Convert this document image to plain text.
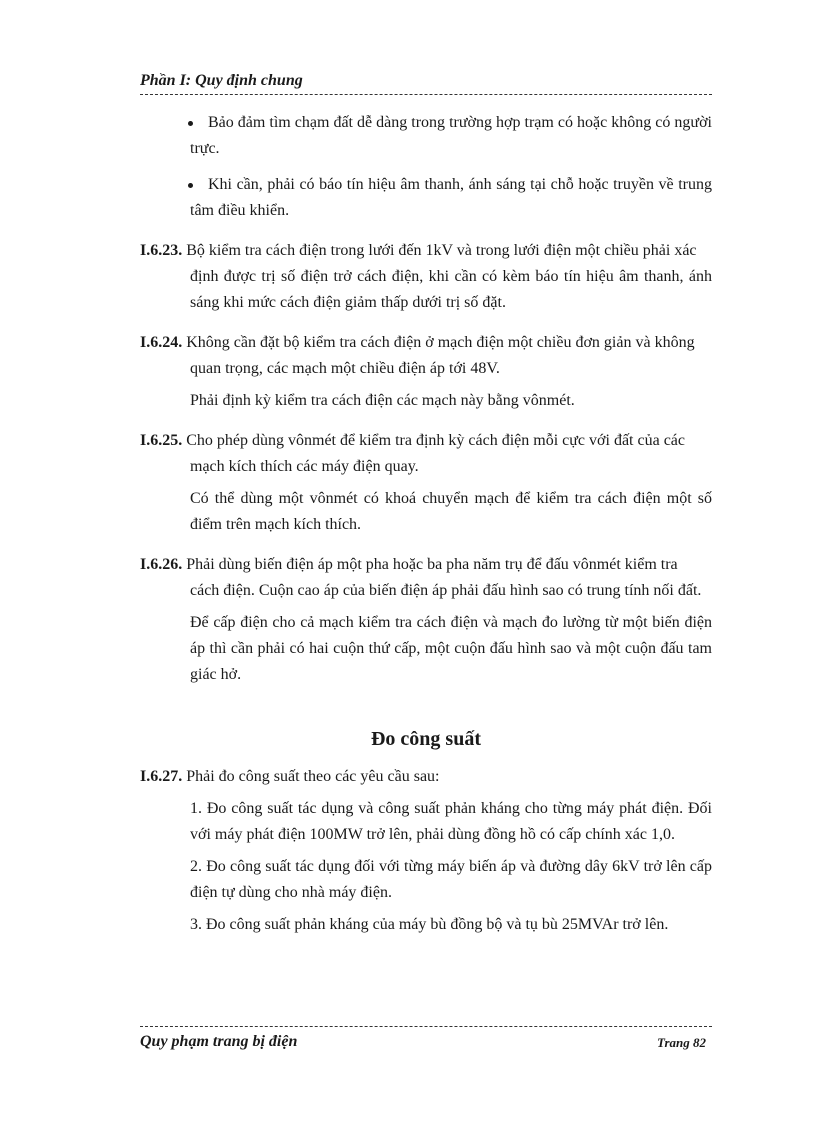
Phần I: Quy định chung
Bảo đảm tìm chạm đất dễ dàng trong trường hợp trạm có hoặc không có người trực.
Khi cần, phải có báo tín hiệu âm thanh, ánh sáng tại chỗ hoặc truyền về trung tâm điều khiển.
I.6.23. Bộ kiểm tra cách điện trong lưới đến 1kV và trong lưới điện một chiều phải xác
định được trị số điện trở cách điện, khi cần có kèm báo tín hiệu âm thanh, ánh sáng khi mức cách điện giảm thấp dưới trị số đặt.
I.6.24. Không cần đặt bộ kiểm tra cách điện ở mạch điện một chiều đơn giản và không
quan trọng, các mạch một chiều điện áp tới 48V.

Phải định kỳ kiểm tra cách điện các mạch này bằng vônmét.

I.6.25. Cho phép dùng vônmét để kiểm tra định kỳ cách điện mỗi cực với đất của các
mạch kích thích các máy điện quay.

Có thể dùng một vônmét có khoá chuyển mạch để kiểm tra cách điện một số điểm trên mạch kích thích.

I.6.26. Phải dùng biến điện áp một pha hoặc ba pha năm trụ để đấu vônmét kiểm tra
cách điện. Cuộn cao áp của biến điện áp phải đấu hình sao có trung tính nối đất.

Để cấp điện cho cả mạch kiểm tra cách điện và mạch đo lường từ một biến điện áp thì cần phải có hai cuộn thứ cấp, một cuộn đấu hình sao và một cuộn đấu tam giác hở.

Đo công suất
I.6.27. Phải đo công suất theo các yêu cầu sau:

1. Đo công suất tác dụng và công suất phản kháng cho từng máy phát điện. Đối với máy phát điện 100MW trở lên, phải dùng đồng hồ có cấp chính xác 1,0.

2. Đo công suất tác dụng đối với từng máy biến áp và đường dây 6kV trở lên cấp điện tự dùng cho nhà máy điện.

3. Đo công suất phản kháng của máy bù đồng bộ và tụ bù 25MVAr trở lên.

Quy phạm trang bị điện	Trang 82
